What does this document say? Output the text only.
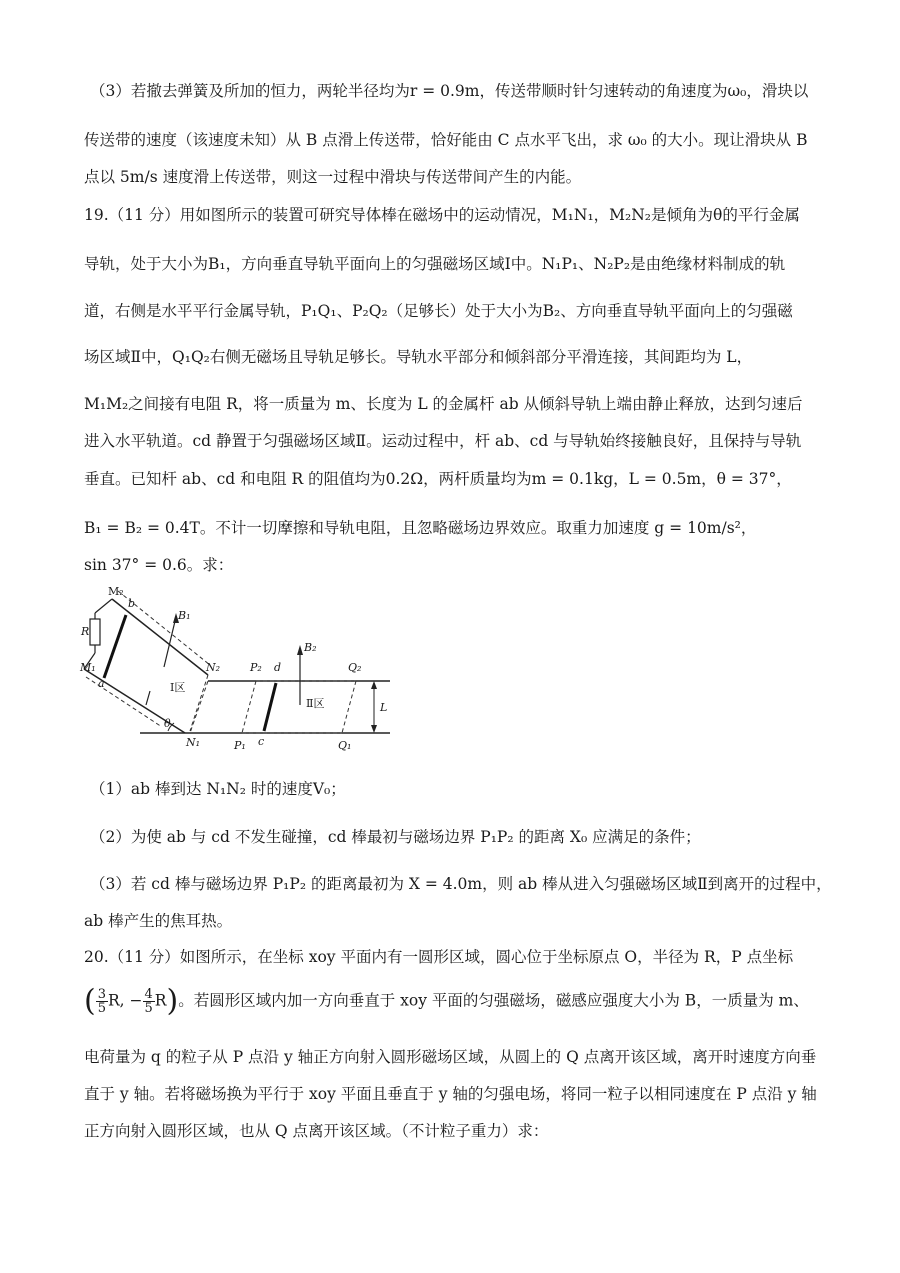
（3）若撤去弹簧及所加的恒力，两轮半径均为r = 0.9m，传送带顺时针匀速转动的角速度为ω₀，滑块以
传送带的速度（该速度未知）从 B 点滑上传送带，恰好能由 C 点水平飞出，求 ω₀ 的大小。现让滑块从 B
点以 5m/s 速度滑上传送带，则这一过程中滑块与传送带间产生的内能。
19.（11 分）用如图所示的装置可研究导体棒在磁场中的运动情况，M₁N₁，M₂N₂是倾角为θ的平行金属
导轨，处于大小为B₁，方向垂直导轨平面向上的匀强磁场区域Ⅰ中。N₁P₁、N₂P₂是由绝缘材料制成的轨
道，右侧是水平平行金属导轨，P₁Q₁、P₂Q₂（足够长）处于大小为B₂、方向垂直导轨平面向上的匀强磁
场区域Ⅱ中，Q₁Q₂右侧无磁场且导轨足够长。导轨水平部分和倾斜部分平滑连接，其间距均为 L，
M₁M₂之间接有电阻 R，将一质量为 m、长度为 L 的金属杆 ab 从倾斜导轨上端由静止释放，达到匀速后
进入水平轨道。cd 静置于匀强磁场区域Ⅱ。运动过程中，杆 ab、cd 与导轨始终接触良好，且保持与导轨
垂直。已知杆 ab、cd 和电阻 R 的阻值均为0.2Ω，两杆质量均为m = 0.1kg，L = 0.5m，θ = 37°，
B₁ = B₂ = 0.4T。不计一切摩擦和导轨电阻，且忽略磁场边界效应。取重力加速度 g = 10m/s²，
sin 37° = 0.6。求：
M₂
b
R
B₁
M₁
a
N₂
Ⅰ区
θ
N₁
P₂ d
B₂
Q₂
Ⅱ区	L
P₁ c	Q₁
（1）ab 棒到达 N₁N₂ 时的速度V₀；
（2）为使 ab 与 cd 不发生碰撞，cd 棒最初与磁场边界 P₁P₂ 的距离 X₀ 应满足的条件；
（3）若 cd 棒与磁场边界 P₁P₂ 的距离最初为 X = 4.0m，则 ab 棒从进入匀强磁场区域Ⅱ到离开的过程中，
ab 棒产生的焦耳热。
20.（11 分）如图所示，在坐标 xoy 平面内有一圆形区域，圆心位于坐标原点 O，半径为 R，P 点坐标
( $\frac{3}{5} R$, − $\frac{4}{5} R$)。若圆形区域内加一方向垂直于 xoy 平面的匀强磁场，磁感应强度大小为 B，一质量为 m、
电荷量为 q 的粒子从 P 点沿 y 轴正方向射入圆形磁场区域，从圆上的 Q 点离开该区域，离开时速度方向垂
直于 y 轴。若将磁场换为平行于 xoy 平面且垂直于 y 轴的匀强电场，将同一粒子以相同速度在 P 点沿 y 轴
正方向射入圆形区域，也从 Q 点离开该区域。（不计粒子重力）求：
